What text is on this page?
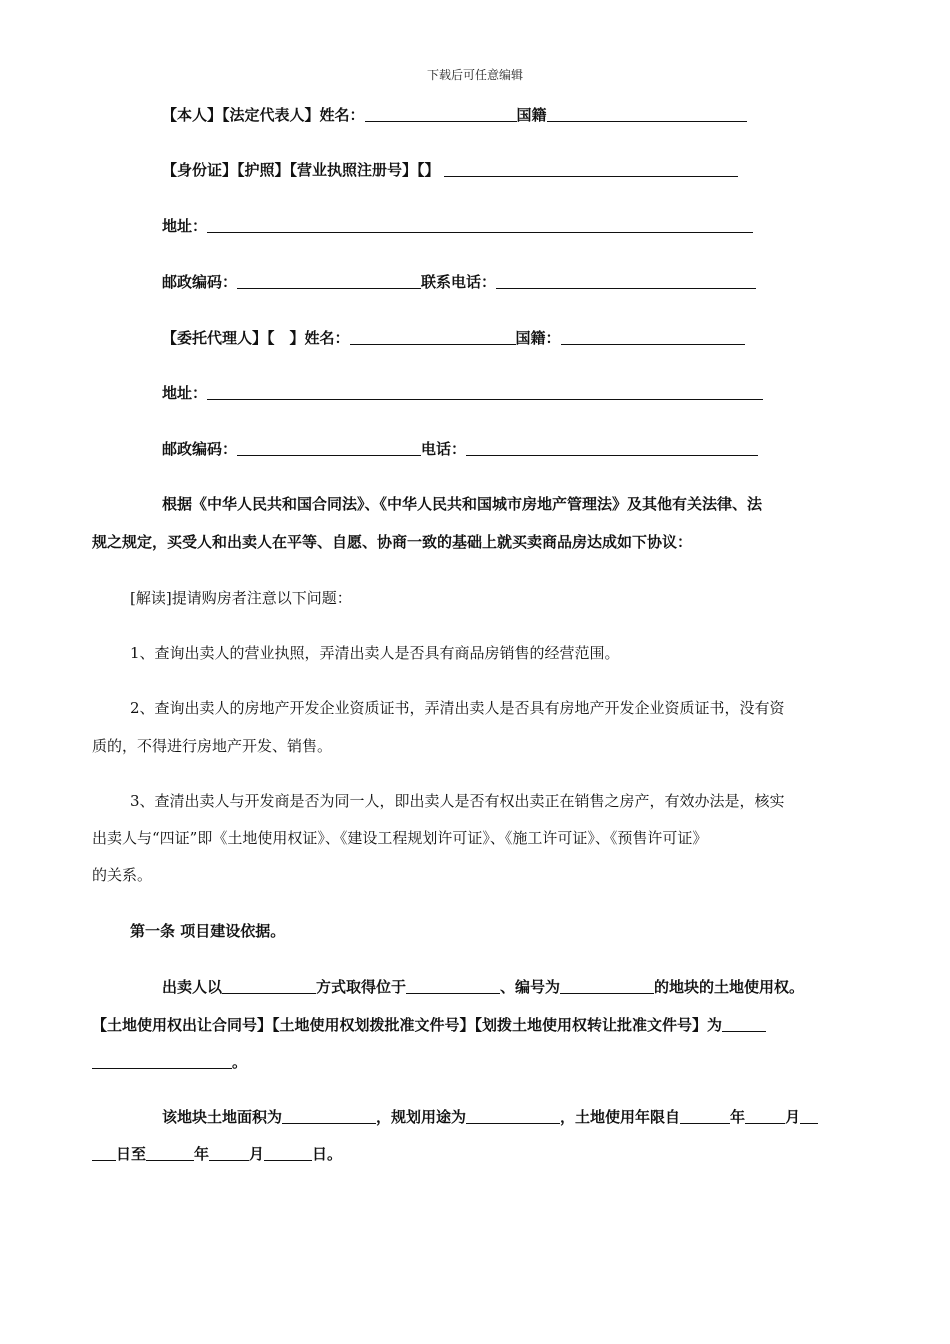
下载后可任意编辑
【本人】【法定代表人】姓名：	国籍
【身份证】【护照】【营业执照注册号】【】
地址：
邮政编码：	联系电话：
【委托代理人】【　】姓名：	国籍：
地址：
邮政编码：	电话：
根据《中华人民共和国合同法》、《中华人民共和国城市房地产管理法》及其他有关法律、法
规之规定，买受人和出卖人在平等、自愿、协商一致的基础上就买卖商品房达成如下协议：
[解读]提请购房者注意以下问题：
1、查询出卖人的营业执照，弄清出卖人是否具有商品房销售的经营范围。
2、查询出卖人的房地产开发企业资质证书，弄清出卖人是否具有房地产开发企业资质证书，没有资
质的，不得进行房地产开发、销售。
3、查清出卖人与开发商是否为同一人，即出卖人是否有权出卖正在销售之房产，有效办法是，核实
出卖人与“四证”即《土地使用权证》、《建设工程规划许可证》、《施工许可证》、《预售许可证》
的关系。
第一条 项目建设依据。
出卖人以	方式取得位于	、编号为	的地块的土地使用权。
【土地使用权出让合同号】【土地使用权划拨批准文件号】【划拨土地使用权转让批准文件号】为
。
该地块土地面积为	，规划用途为	，土地使用年限自	年	月
日至	年	月	日。
